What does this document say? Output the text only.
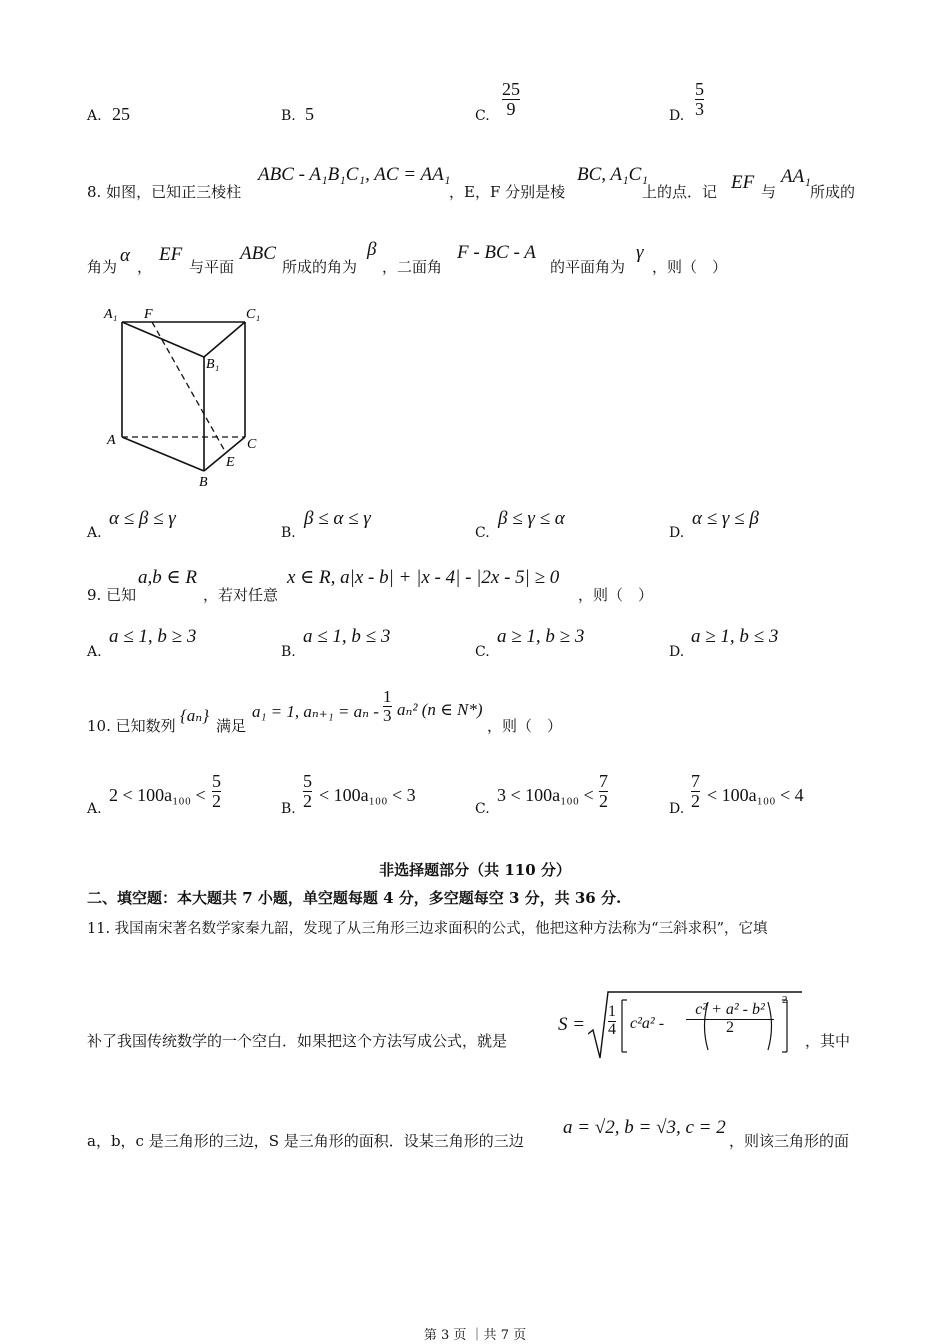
A. 25	B. 5	C.
25
9	D.
5
3
8. 如图，已知正三棱柱
ABC - A₁B₁C₁, AC = AA₁
， E，F 分别是棱
BC, A₁C₁
上的点．记 EF 与
AA₁
所成的
角为
α
，
EF
与平面
ABC
所成的角为
β
，二面角
F - BC - A
的平面角为
γ
，则（　）
A₁ F	C₁
B₁
A	C
E
B
A.
α ≤ β ≤ γ
B.
β ≤ α ≤ γ
C.
β ≤ γ ≤ α
D.
α ≤ γ ≤ β
9. 已知
a,b ∈ R
，若对任意
x ∈ R, a|x - b| + |x - 4| - |2x - 5| ≥ 0
，则（　）
A.
a ≤ 1, b ≥ 3
B.
a ≤ 1, b ≤ 3
C.
a ≥ 1, b ≥ 3
D.
a ≥ 1, b ≤ 3
10. 已知数列
{aₙ}
满足
a₁ = 1, aₙ₊₁ = aₙ -
1
3 aₙ² (n ∈ N*)
，则（　）
A.
2 < 100a₁₀₀ <
5
2	B.
5
2 < 100a₁₀₀ < 3
C.
3 < 100a₁₀₀ <
7
2	D.
7
2 < 100a₁₀₀ < 4
非选择题部分（共 110 分）
二、填空题：本大题共 7 小题，单空题每题 4 分，多空题每空 3 分，共 36 分.
11. 我国南宋著名数学家秦九韶，发现了从三角形三边求面积的公式，他把这种方法称为“三斜求积”，它填
补了我国传统数学的一个空白．如果把这个方法写成公式，就是
S =
1
4 c²a² -
c² + a² - b²
2
2
，其中
a，b，c 是三角形的三边，S 是三角形的面积．设某三角形的三边
a = √2, b = √3, c = 2
，则该三角形的面
第 3 页 ｜共 7 页
